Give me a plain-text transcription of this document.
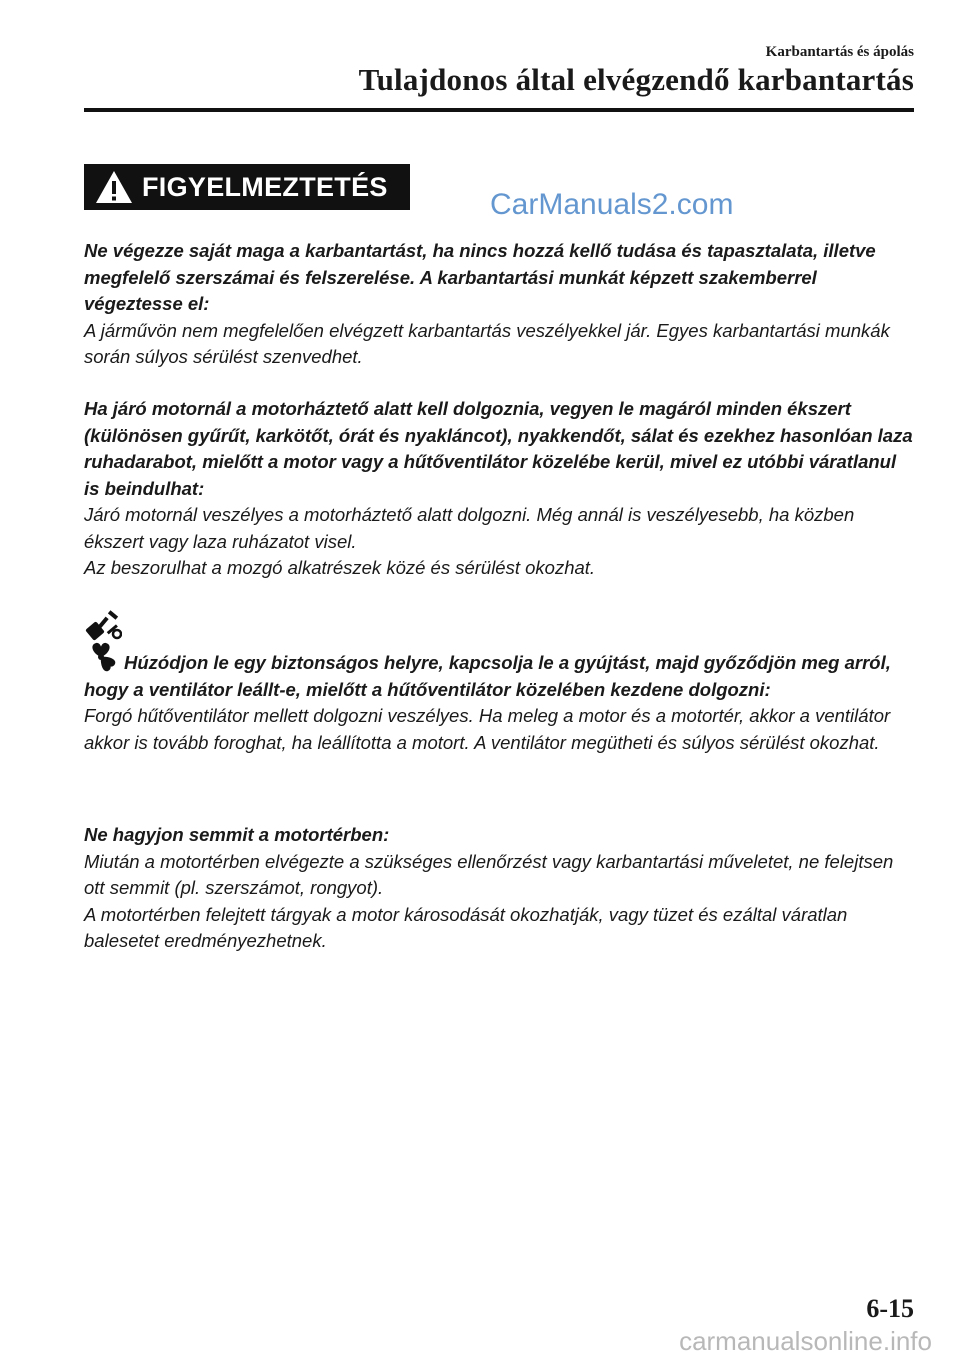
Karbantartás és ápolás
Tulajdonos által elvégzendő karbantartás
FIGYELMEZTETÉS
CarManuals2.com

Ne végezze saját maga a karbantartást, ha nincs hozzá kellő tudása és tapasztalata, illetve megfelelő szerszámai és felszerelése. A karbantartási munkát képzett szakemberrel végeztesse el:

A járművön nem megfelelően elvégzett karbantartás veszélyekkel jár. Egyes karbantartási munkák során súlyos sérülést szenvedhet.

Ha járó motornál a motorháztető alatt kell dolgoznia, vegyen le magáról minden ékszert (különösen gyűrűt, karkötőt, órát és nyakláncot), nyakkendőt, sálat és ezekhez hasonlóan laza ruhadarabot, mielőtt a motor vagy a hűtőventilátor közelébe kerül, mivel ez utóbbi váratlanul is beindulhat:

Járó motornál veszélyes a motorháztető alatt dolgozni. Még annál is veszélyesebb, ha közben ékszert vagy laza ruházatot visel.

Az beszorulhat a mozgó alkatrészek közé és sérülést okozhat.

Húzódjon le egy biztonságos helyre, kapcsolja le a gyújtást, majd győződjön meg arról, hogy a ventilátor leállt-e, mielőtt a hűtőventilátor közelében kezdene dolgozni:

Forgó hűtőventilátor mellett dolgozni veszélyes. Ha meleg a motor és a motortér, akkor a ventilátor akkor is tovább foroghat, ha leállította a motort. A ventilátor megütheti és súlyos sérülést okozhat.

Ne hagyjon semmit a motortérben:

Miután a motortérben elvégezte a szükséges ellenőrzést vagy karbantartási műveletet, ne felejtsen ott semmit (pl. szerszámot, rongyot).

A motortérben felejtett tárgyak a motor károsodását okozhatják, vagy tüzet és ezáltal váratlan balesetet eredményezhetnek.

6-15
carmanualsonline.info
